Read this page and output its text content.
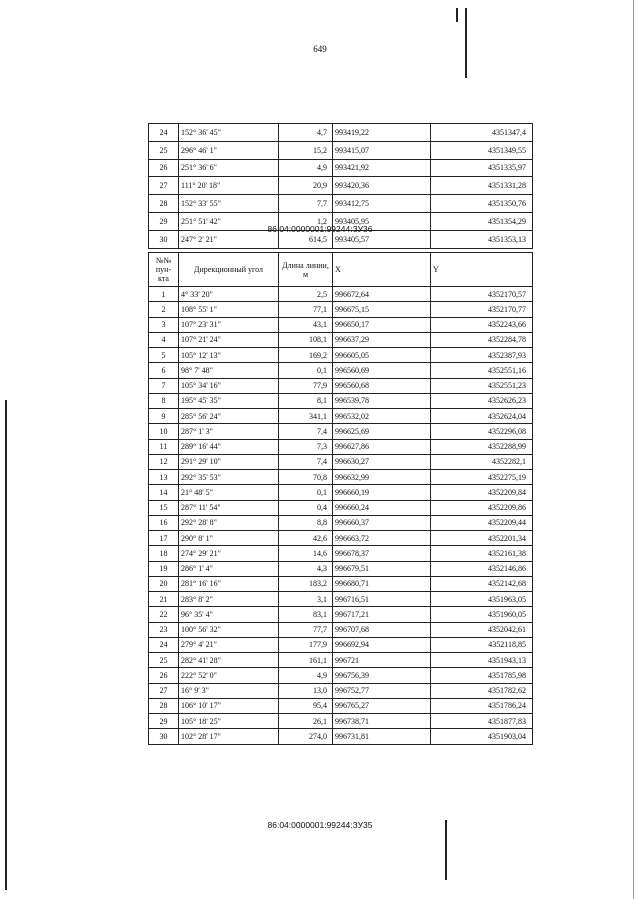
649
24	152° 36' 45"	4,7	993419,22	4351347,4
25	296° 46' 1"	15,2	993415,07	4351349,55
26	251° 36' 6"	4,9	993421,92	4351335,97
27	111° 20' 18"	20,9	993420,36	4351331,28
28	152° 33' 55"	7,7	993412,75	4351350,76
29	251° 51' 42"	1,2	993405,95	4351354,29
30	247° 2' 21"	614,5	993405,57	4351353,13
86:04:0000001:99244:ЗУ36
№№ пун-кта	Дирекционный угол	Длина линии, м	X	Y
1	4° 33' 20"	2,5	996672,64	4352170,57
2	108° 55' 1"	77,1	996675,15	4352170,77
3	107° 23' 31"	43,1	996650,17	4352243,66
4	107° 21' 24"	108,1	996637,29	4352284,78
5	105° 12' 13"	169,2	996605,05	4352387,93
6	98° 7' 48"	0,1	996560,69	4352551,16
7	105° 34' 16"	77,9	996560,68	4352551,23
8	195° 45' 35"	8,1	996539,78	4352626,23
9	285° 56' 24"	341,1	996532,02	4352624,04
10	287° 1' 3"	7,4	996625,69	4352296,08
11	289° 16' 44"	7,3	996627,86	4352288,99
12	291° 29' 10"	7,4	996630,27	4352282,1
13	292° 35' 53"	70,8	996632,99	4352275,19
14	21° 48' 5"	0,1	996660,19	4352209,84
15	287° 11' 54"	0,4	996660,24	4352209,86
16	292° 28' 8"	8,8	996660,37	4352209,44
17	290° 8' 1"	42,6	996663,72	4352201,34
18	274° 29' 21"	14,6	996678,37	4352161,38
19	286° 1' 4"	4,3	996679,51	4352146,86
20	281° 16' 16"	183,2	996680,71	4352142,68
21	283° 8' 2"	3,1	996716,51	4351963,05
22	96° 35' 4"	83,1	996717,21	4351960,05
23	100° 56' 32"	77,7	996707,68	4352042,61
24	279° 4' 21"	177,9	996692,94	4352118,85
25	282° 41' 28"	161,1	996721	4351943,13
26	222° 52' 0"	4,9	996756,39	4351785,98
27	16° 9' 3"	13,0	996752,77	4351782,62
28	106° 10' 17"	95,4	996765,27	4351786,24
29	105° 18' 25"	26,1	996738,71	4351877,83
30	102° 28' 17"	274,0	996731,81	4351903,04
86:04:0000001:99244:ЗУ35
